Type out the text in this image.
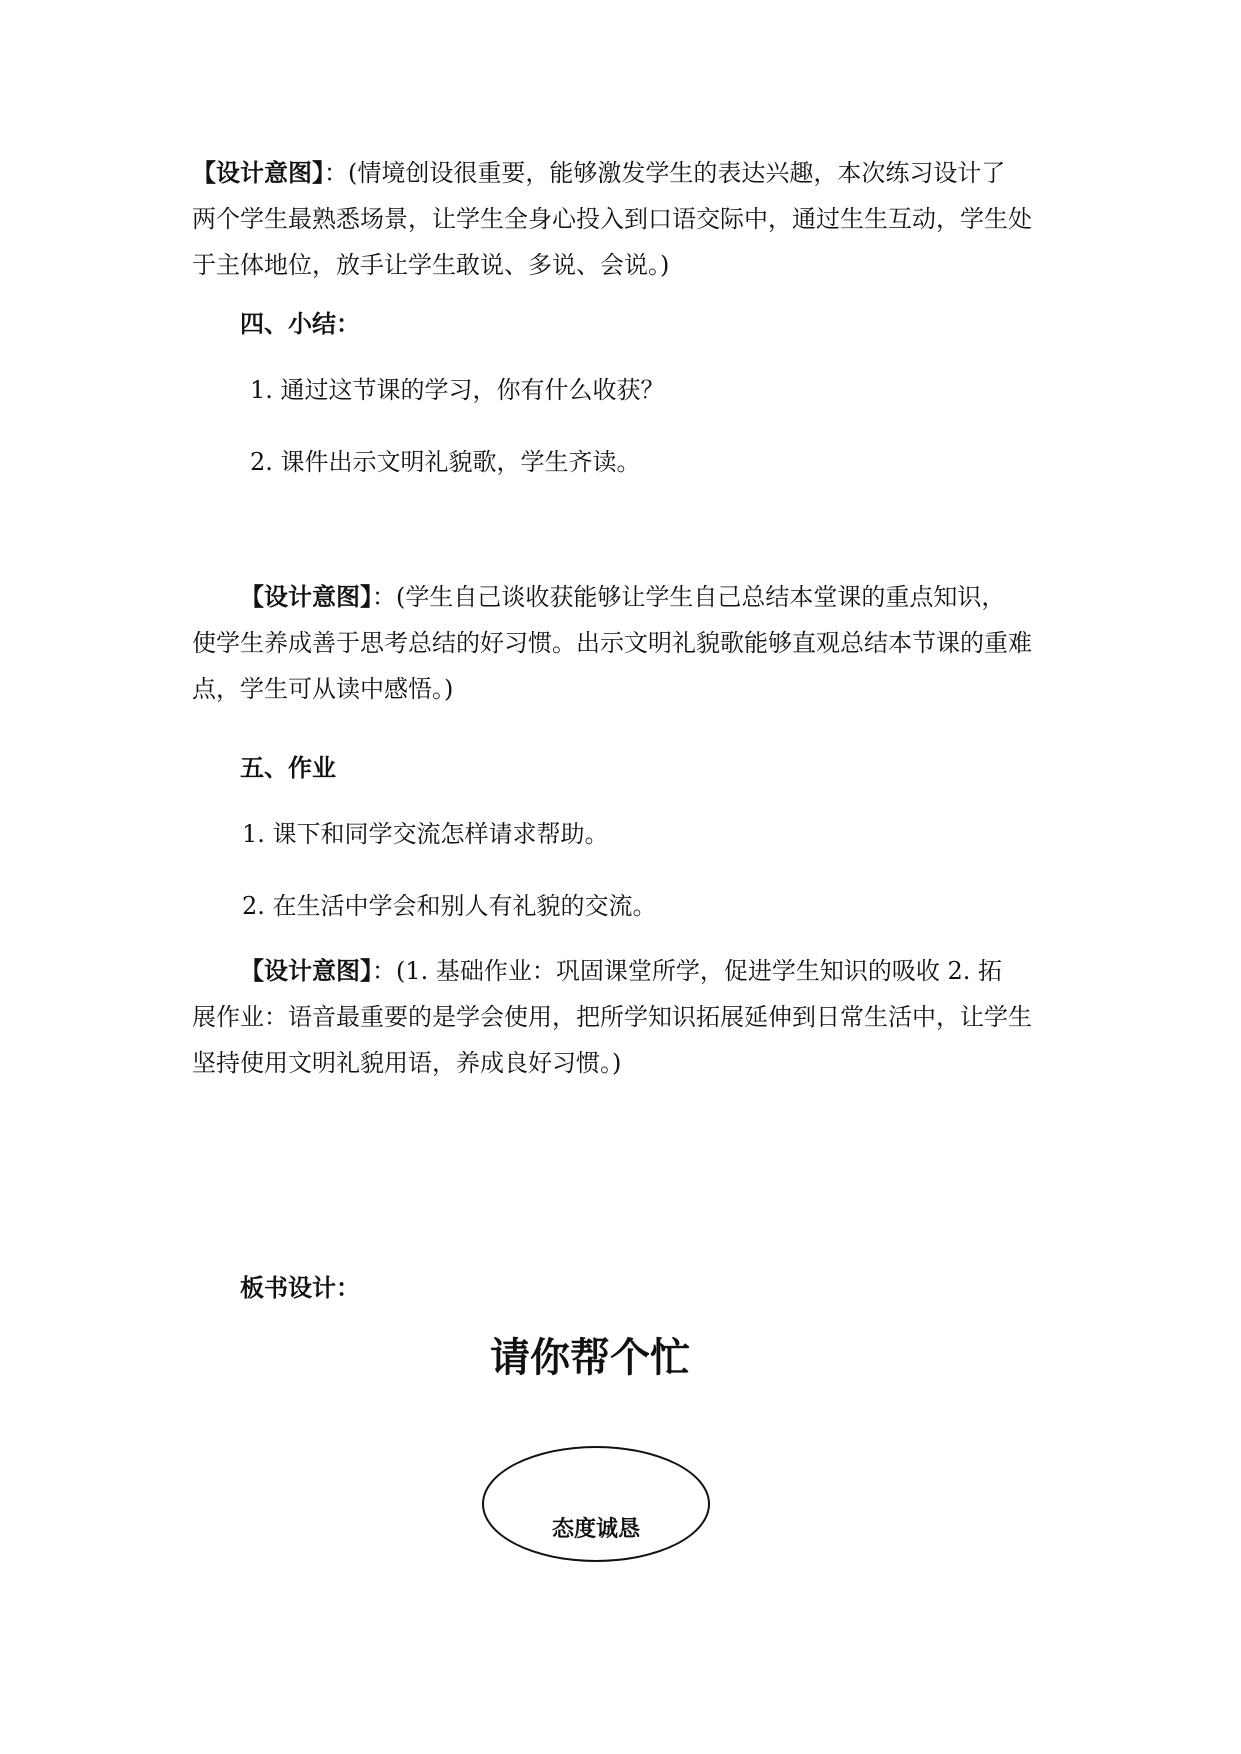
【设计意图】：(情境创设很重要，能够激发学生的表达兴趣，本次练习设计了
两个学生最熟悉场景，让学生全身心投入到口语交际中，通过生生互动，学生处
于主体地位，放手让学生敢说、多说、会说。)
四、小结：
1. 通过这节课的学习，你有什么收获？
2. 课件出示文明礼貌歌，学生齐读。
【设计意图】：(学生自己谈收获能够让学生自己总结本堂课的重点知识，
使学生养成善于思考总结的好习惯。出示文明礼貌歌能够直观总结本节课的重难
点，学生可从读中感悟。)
五、作业
1. 课下和同学交流怎样请求帮助。
2. 在生活中学会和别人有礼貌的交流。
【设计意图】：(1. 基础作业：巩固课堂所学，促进学生知识的吸收 2. 拓
展作业：语音最重要的是学会使用，把所学知识拓展延伸到日常生活中，让学生
坚持使用文明礼貌用语，养成良好习惯。)
板书设计：
请你帮个忙
态度诚恳
